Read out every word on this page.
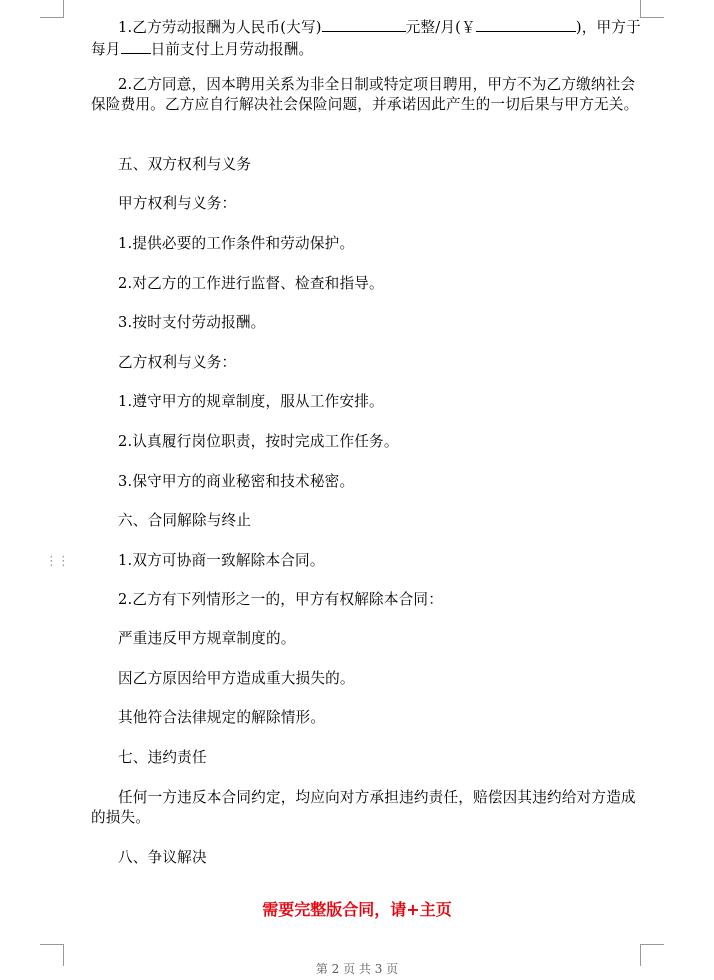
⋮⋮

1.乙方劳动报酬为人民币(大写)	元整/月(￥	)，甲方于每月 日前支付上月劳动报酬。

2.乙方同意，因本聘用关系为非全日制或特定项目聘用，甲方不为乙方缴纳社会保险费用。乙方应自行解决社会保险问题，并承诺因此产生的一切后果与甲方无关。

五、双方权利与义务

甲方权利与义务：

1.提供必要的工作条件和劳动保护。

2.对乙方的工作进行监督、检查和指导。

3.按时支付劳动报酬。

乙方权利与义务：

1.遵守甲方的规章制度，服从工作安排。

2.认真履行岗位职责，按时完成工作任务。

3.保守甲方的商业秘密和技术秘密。

六、合同解除与终止

1.双方可协商一致解除本合同。

2.乙方有下列情形之一的，甲方有权解除本合同：

严重违反甲方规章制度的。

因乙方原因给甲方造成重大损失的。

其他符合法律规定的解除情形。

七、违约责任

任何一方违反本合同约定，均应向对方承担违约责任，赔偿因其违约给对方造成的损失。

八、争议解决

需要完整版合同，请+主页
第 2 页 共 3 页
